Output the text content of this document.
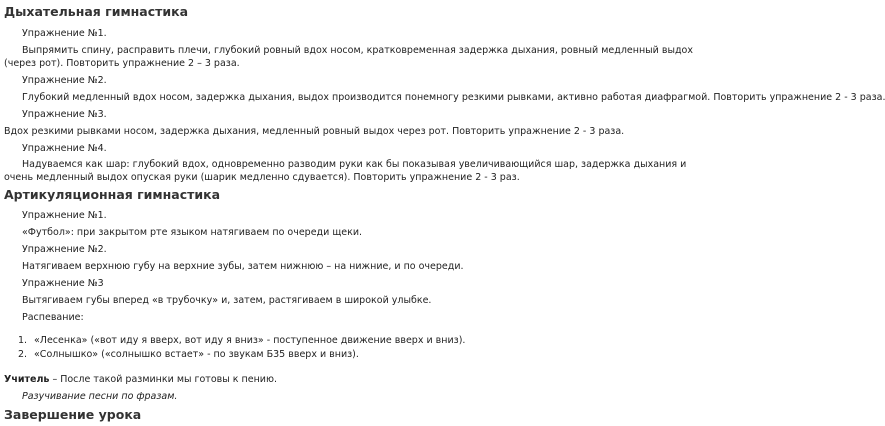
Дыхательная гимнастика
Упражнение №1.
Выпрямить спину, расправить плечи, глубокий ровный вдох носом, кратковременная задержка дыхания, ровный медленный выдох (через рот). Повторить упражнение 2 – 3 раза.
Упражнение №2.
Глубокий медленный вдох носом, задержка дыхания, выдох производится понемногу резкими рывками, активно работая диафрагмой. Повторить упражнение 2 - 3 раза.
Упражнение №3.
Вдох резкими рывками носом, задержка дыхания, медленный ровный выдох через рот. Повторить упражнение 2 - 3 раза.
Упражнение №4.
Надуваемся как шар: глубокий вдох, одновременно разводим руки как бы показывая увеличивающийся шар, задержка дыхания и очень медленный выдох опуская руки (шарик медленно сдувается). Повторить упражнение 2 - 3 раз.
Артикуляционная гимнастика
Упражнение №1.
«Футбол»: при закрытом рте языком натягиваем по очереди щеки.
Упражнение №2.
Натягиваем верхнюю губу на верхние зубы, затем нижнюю – на нижние, и по очереди.
Упражнение №3
Вытягиваем губы вперед «в трубочку» и, затем, растягиваем в широкой улыбке.
Распевание:
1. «Лесенка» («вот иду я вверх, вот иду я вниз» - поступенное движение вверх и вниз).
2. «Солнышко» («солнышко встает» - по звукам Б35 вверх и вниз).
Учитель – После такой разминки мы готовы к пению.
Разучивание песни по фразам.
Завершение урока
